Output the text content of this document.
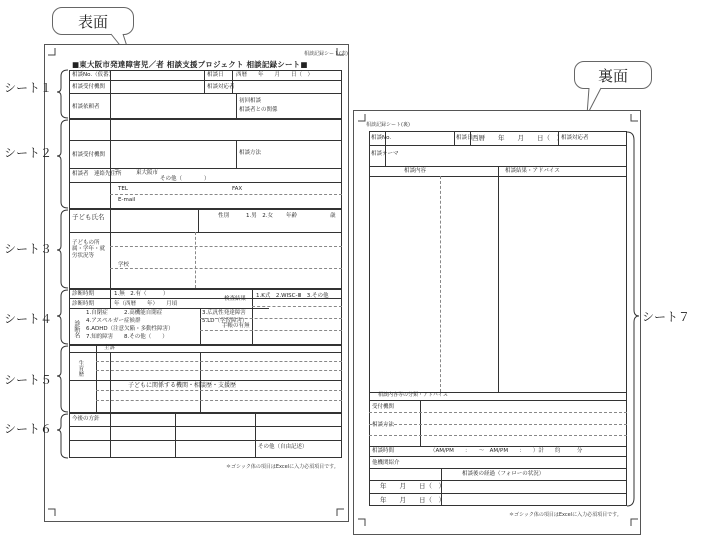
表面
相談記録シート(表)
■東大阪市発達障害児／者 相談支援プロジェクト 相談記録シート■
相談No.（仮番）	相談日 西暦　　年　　月　　日（　）
相談受付機関	相談対応者
相談依頼者
初回相談
相談者との関係
相談受付機関	相談方法
相談者　連絡先住所
〒　　　東大阪市
その他（　　　　）
TEL	FAX
E-mail
子ども氏名	性別	1.男　2.女 年齢	歳
子どもの所属・学年・就労状況等
学校
診断時期	1.無　2.有（　　　）
診断時期	年（西暦　　年）　　月頃
検査結果 1.K式　2.WISC-Ⅲ　3.その他
診断名
1.自閉症	2.高機能自閉症	3.広汎性発達障害
4.アスペルガー症候群	5.LD（学習障害）
6.ADHD（注意欠陥・多動性障害）
7.知的障害 8.その他（　　）
手帳の有無
主訴
生育歴
子どもに関係する機関・相談歴・支援歴
今後の方針
その他（自由記述）
＊ゴシック体の項目はExcelに入力必須項目です。
シート１
シート２
シート３
シート４
シート５
シート６
裏面
相談記録シート(裏)
相談No.	相談日 西暦　　年　　月　　日（　）
相談対応者
相談テーマ
相談内容	相談結果・アドバイス
相談内容等の分類・アドバイス
受付機関
相談方法
相談時間	（AM/PM　　：　　～　AM/PM　　：　　）計　　約　　　分
他機関紹介
相談後の経過（フォローの状況）
年　　月　　日（　）
年　　月　　日（　）
＊ゴシック体の項目はExcelに入力必須項目です。
シート７
